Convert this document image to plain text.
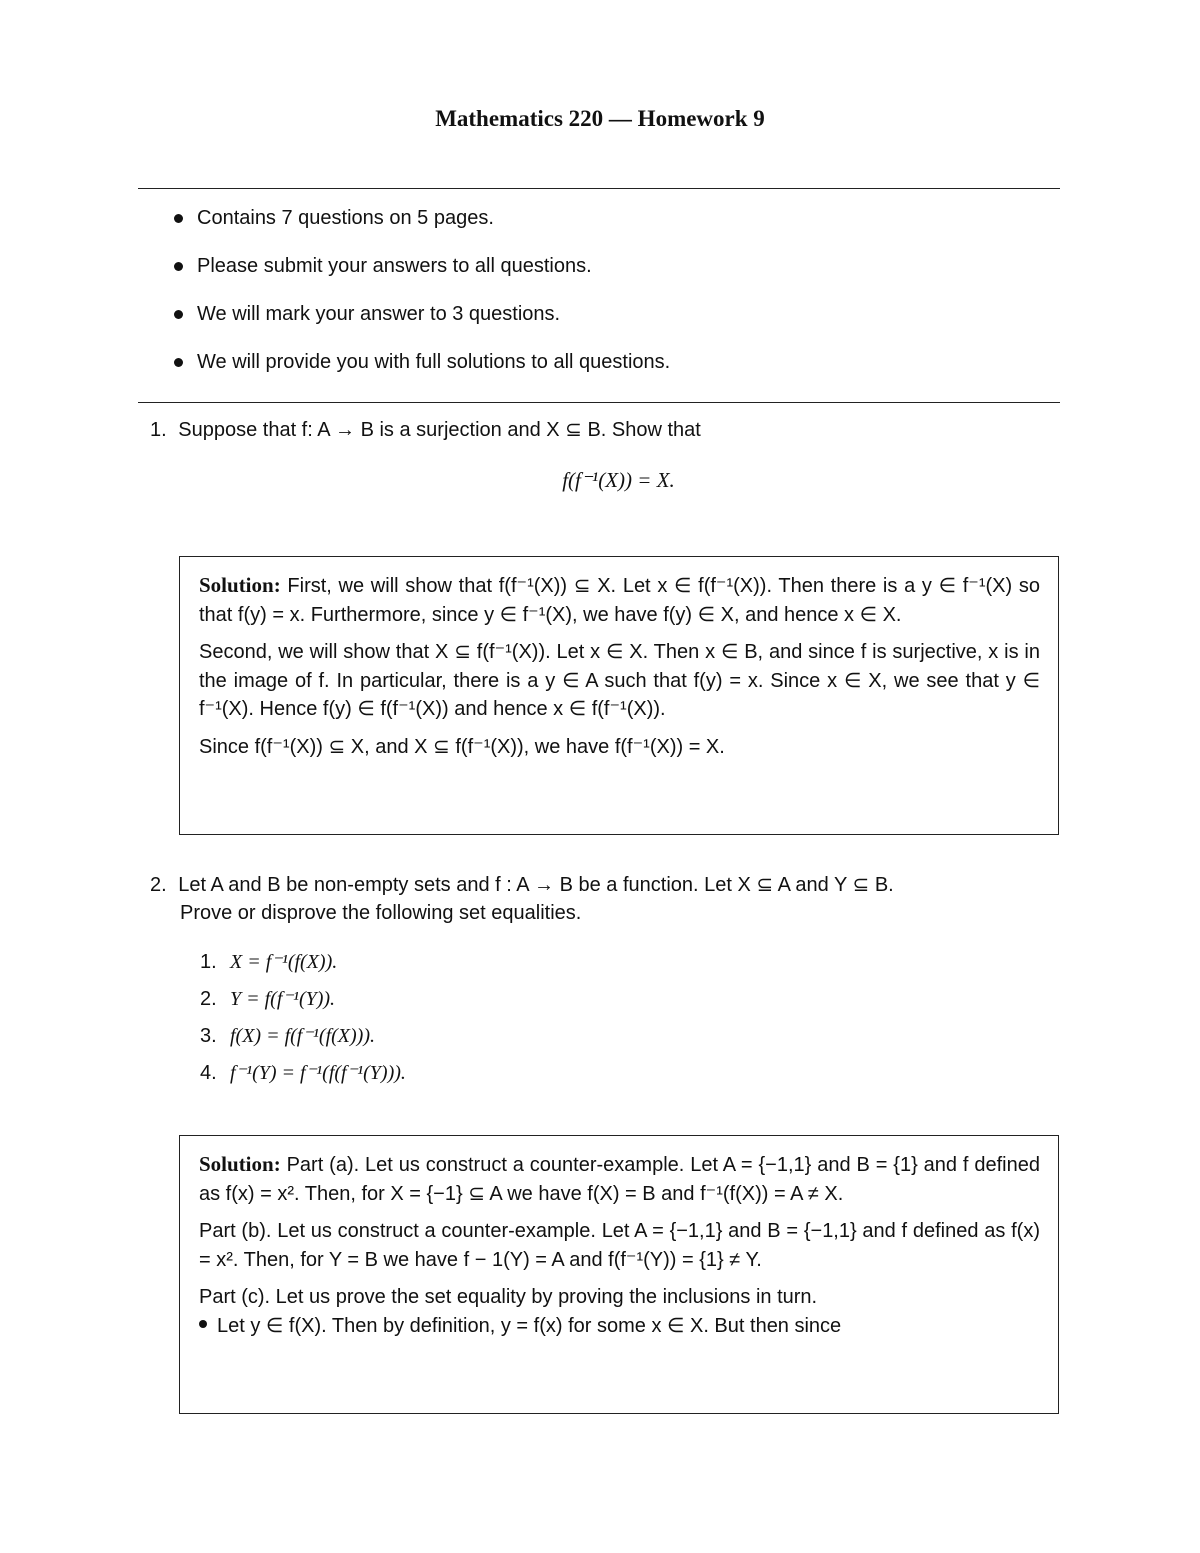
Mathematics 220 — Homework 9
Contains 7 questions on 5 pages.
Please submit your answers to all questions.
We will mark your answer to 3 questions.
We will provide you with full solutions to all questions.
1. Suppose that f: A → B is a surjection and X ⊆ B. Show that
f(f⁻¹(X)) = X.

Solution: First, we will show that f(f⁻¹(X)) ⊆ X. Let x ∈ f(f⁻¹(X)). Then there is a y ∈ f⁻¹(X) so that f(y) = x. Furthermore, since y ∈ f⁻¹(X), we have f(y) ∈ X, and hence x ∈ X.

Second, we will show that X ⊆ f(f⁻¹(X)). Let x ∈ X. Then x ∈ B, and since f is surjective, x is in the image of f. In particular, there is a y ∈ A such that f(y) = x. Since x ∈ X, we see that y ∈ f⁻¹(X). Hence f(y) ∈ f(f⁻¹(X)) and hence x ∈ f(f⁻¹(X)).

Since f(f⁻¹(X)) ⊆ X, and X ⊆ f(f⁻¹(X)), we have f(f⁻¹(X)) = X.

2. Let A and B be non-empty sets and f : A → B be a function. Let X ⊆ A and Y ⊆ B.
Prove or disprove the following set equalities.
1. X = f⁻¹(f(X)).
2. Y = f(f⁻¹(Y)).
3. f(X) = f(f⁻¹(f(X))).
4. f⁻¹(Y) = f⁻¹(f(f⁻¹(Y))).

Solution: Part (a). Let us construct a counter-example. Let A = {−1,1} and B = {1} and f defined as f(x) = x². Then, for X = {−1} ⊆ A we have f(X) = B and f⁻¹(f(X)) = A ≠ X.

Part (b). Let us construct a counter-example. Let A = {−1,1} and B = {−1,1} and f defined as f(x) = x². Then, for Y = B we have f − 1(Y) = A and f(f⁻¹(Y)) = {1} ≠ Y.

Part (c). Let us prove the set equality by proving the inclusions in turn.

Let y ∈ f(X). Then by definition, y = f(x) for some x ∈ X. But then since
